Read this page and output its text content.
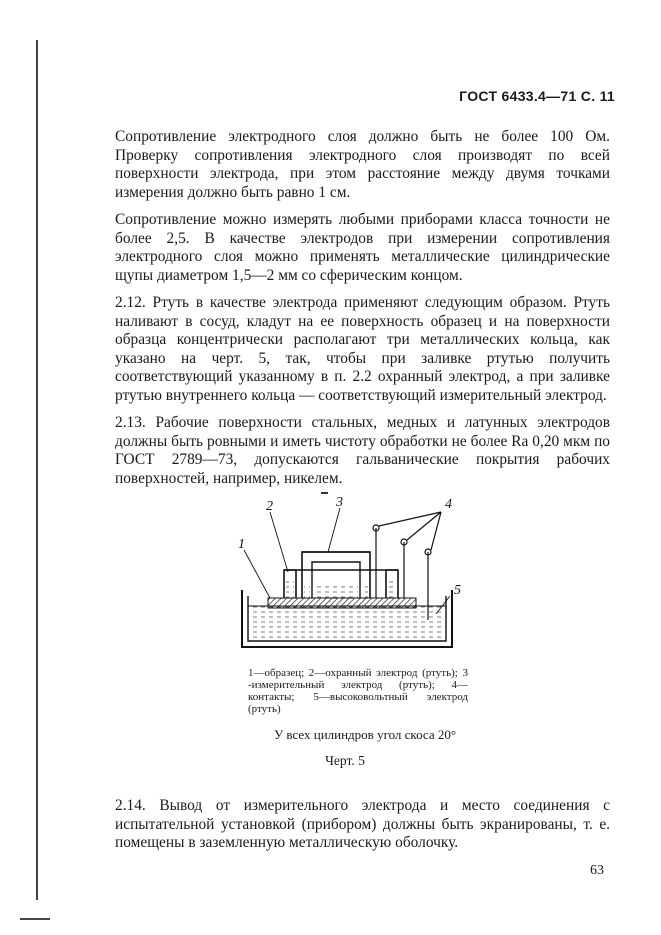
ГОСТ 6433.4—71 С. 11

Сопротивление электродного слоя должно быть не более 100 Ом. Проверку сопротивления электродного слоя производят по всей поверхности электрода, при этом расстояние между двумя точками измерения должно быть равно 1 см.

Сопротивление можно измерять любыми приборами класса точности не более 2,5. В качестве электродов при измерении сопротивления электродного слоя можно применять металлические цилиндрические щупы диаметром 1,5—2 мм со сферическим концом.

2.12. Ртуть в качестве электрода применяют следующим образом. Ртуть наливают в сосуд, кладут на ее поверхность образец и на поверхности образца концентрически располагают три металлических кольца, как указано на черт. 5, так, чтобы при заливке ртутью получить соответствующий указанному в п. 2.2 охранный электрод, а при заливке ртутью внутреннего кольца — соответствующий измерительный электрод.

2.13. Рабочие поверхности стальных, медных и латунных электродов должны быть ровными и иметь чистоту обработки не более Ra 0,20 мкм по ГОСТ 2789—73, допускаются гальванические покрытия рабочих поверхностей, например, никелем.

1
2	3	4
5
1—образец; 2—охранный электрод (ртуть); 3 -измерительный электрод (ртуть); 4—контакты; 5—высоковольтный электрод (ртуть)
У всех цилиндров угол скоса 20°
Черт. 5

2.14. Вывод от измерительного электрода и место соединения с испытательной установкой (прибором) должны быть экранированы, т. е. помещены в заземленную металлическую оболочку.

63
